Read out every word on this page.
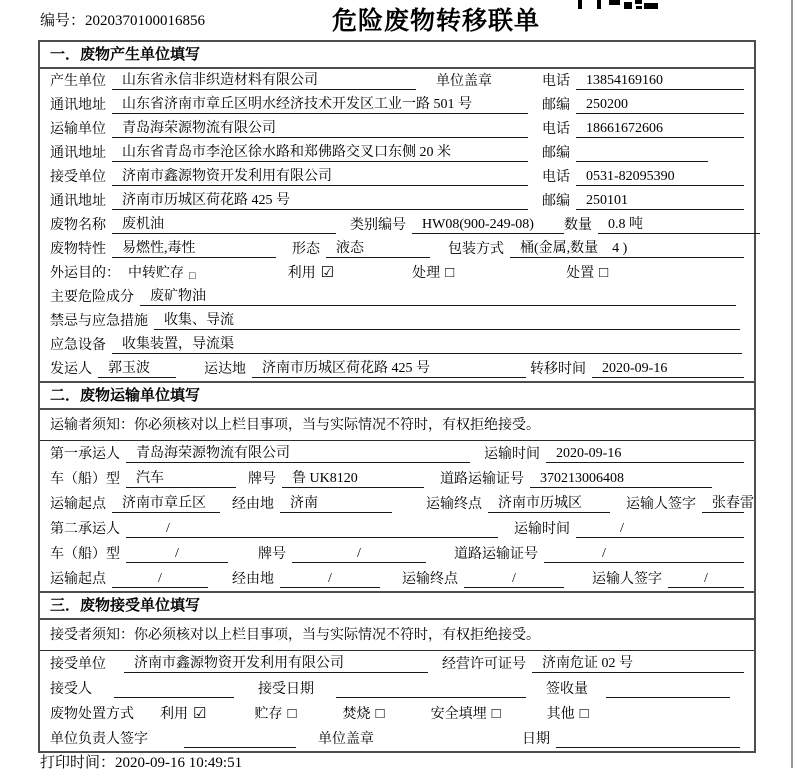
编号：2020370100016856	危险废物转移联单
一．废物产生单位填写
产生单位	山东省永信非织造材料有限公司	单位盖章	电话	13854169160
通讯地址	山东省济南市章丘区明水经济技术开发区工业一路 501 号	邮编	250200
运输单位	青岛海荣源物流有限公司	电话	18661672606
通讯地址	山东省青岛市李沧区徐水路和郑佛路交叉口东侧 20 米	邮编
接受单位	济南市鑫源物资开发利用有限公司	电话	0531-82095390
通讯地址	济南市历城区荷花路 425 号	邮编	250101
废物名称	废机油	类别编号	HW08(900-249-08)	数量	0.8 吨
废物特性	易燃性,毒性	形态	液态	包装方式	桶(金属,数量　4 )
外运目的： 中转贮存 □	利用 ☑	处理 □	处置 □
主要危险成分	废矿物油
禁忌与应急措施	收集、导流
应急设备	收集装置，导流渠
发运人	郭玉波	运达地	济南市历城区荷花路 425 号	转移时间	2020-09-16
二．废物运输单位填写
运输者须知：你必须核对以上栏目事项，当与实际情况不符时，有权拒绝接受。
第一承运人	青岛海荣源物流有限公司	运输时间	2020-09-16
车（船）型	汽车	牌号	鲁 UK8120	道路运输证号	370213006408
运输起点	济南市章丘区	经由地	济南	运输终点	济南市历城区	运输人签字	张春雷
第二承运人	/	运输时间	/
车（船）型	/	牌号	/	道路运输证号	/
运输起点	/	经由地	/	运输终点	/	运输人签字	/
三．废物接受单位填写
接受者须知：你必须核对以上栏目事项，当与实际情况不符时，有权拒绝接受。
接受单位	济南市鑫源物资开发利用有限公司	经营许可证号	济南危证 02 号
接受人	接受日期	签收量
废物处置方式 利用 ☑	贮存 □	焚烧 □	安全填埋 □	其他 □
单位负责人签字	单位盖章	日期
打印时间：2020-09-16 10:49:51
